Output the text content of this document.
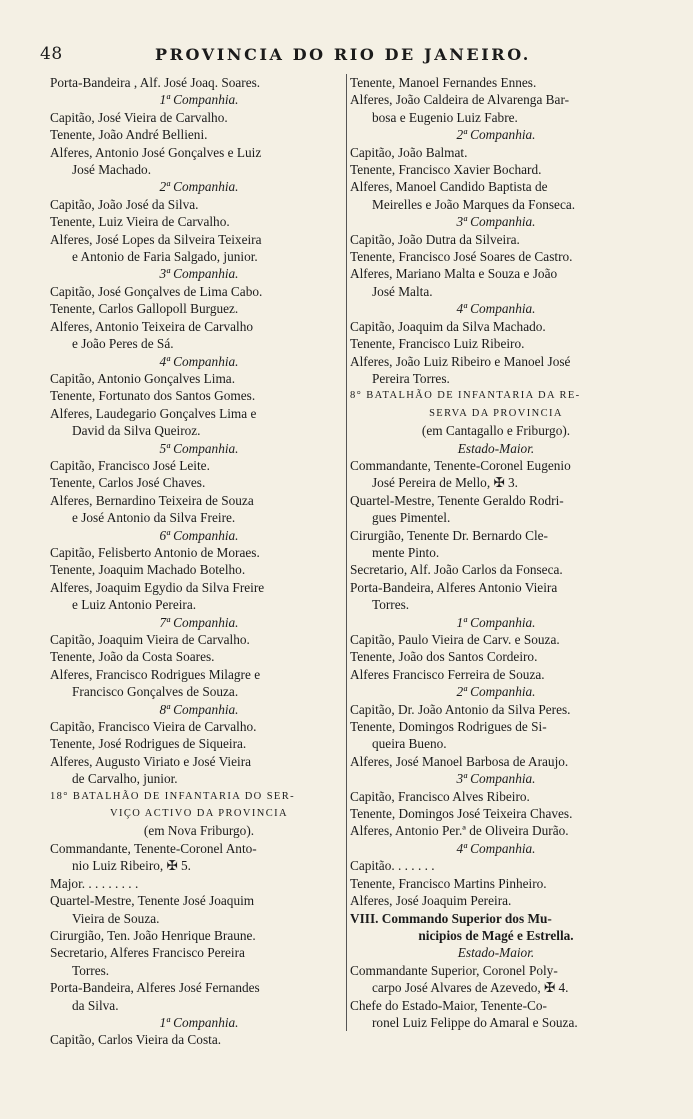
48	PROVINCIA DO RIO DE JANEIRO.
Porta-Bandeira , Alf. José Joaq. Soares.
1ª Companhia.
Capitão, José Vieira de Carvalho.
Tenente, João André Bellieni.
Alferes, Antonio José Gonçalves e Luiz
José Machado.
2ª Companhia.
Capitão, João José da Silva.
Tenente, Luiz Vieira de Carvalho.
Alferes, José Lopes da Silveira Teixeira
e Antonio de Faria Salgado, junior.
3ª Companhia.
Capitão, José Gonçalves de Lima Cabo.
Tenente, Carlos Gallopoll Burguez.
Alferes, Antonio Teixeira de Carvalho
e João Peres de Sá.
4ª Companhia.
Capitão, Antonio Gonçalves Lima.
Tenente, Fortunato dos Santos Gomes.
Alferes, Laudegario Gonçalves Lima e
David da Silva Queiroz.
5ª Companhia.
Capitão, Francisco José Leite.
Tenente, Carlos José Chaves.
Alferes, Bernardino Teixeira de Souza
e José Antonio da Silva Freire.
6ª Companhia.
Capitão, Felisberto Antonio de Moraes.
Tenente, Joaquim Machado Botelho.
Alferes, Joaquim Egydio da Silva Freire
e Luiz Antonio Pereira.
7ª Companhia.
Capitão, Joaquim Vieira de Carvalho.
Tenente, João da Costa Soares.
Alferes, Francisco Rodrigues Milagre e
Francisco Gonçalves de Souza.
8ª Companhia.
Capitão, Francisco Vieira de Carvalho.
Tenente, José Rodrigues de Siqueira.
Alferes, Augusto Viriato e José Vieira
de Carvalho, junior.
18° BATALHÃO DE INFANTARIA DO SER-
VIÇO ACTIVO DA PROVINCIA
(em Nova Friburgo).
Commandante, Tenente-Coronel Anto-
nio Luiz Ribeiro, ✠ 5.
Major. . . . . . . . .
Quartel-Mestre, Tenente José Joaquim
Vieira de Souza.
Cirurgião, Ten. João Henrique Braune.
Secretario, Alferes Francisco Pereira
Torres.
Porta-Bandeira, Alferes José Fernandes
da Silva.
1ª Companhia.
Capitão, Carlos Vieira da Costa.
Tenente, Manoel Fernandes Ennes.
Alferes, João Caldeira de Alvarenga Bar-
bosa e Eugenio Luiz Fabre.
2ª Companhia.
Capitão, João Balmat.
Tenente, Francisco Xavier Bochard.
Alferes, Manoel Candido Baptista de
Meirelles e João Marques da Fonseca.
3ª Companhia.
Capitão, João Dutra da Silveira.
Tenente, Francisco José Soares de Castro.
Alferes, Mariano Malta e Souza e João
José Malta.
4ª Companhia.
Capitão, Joaquim da Silva Machado.
Tenente, Francisco Luiz Ribeiro.
Alferes, João Luiz Ribeiro e Manoel José
Pereira Torres.
8° BATALHÃO DE INFANTARIA DA RE-
SERVA DA PROVINCIA
(em Cantagallo e Friburgo).
Estado-Maior.
Commandante, Tenente-Coronel Eugenio
José Pereira de Mello, ✠ 3.
Quartel-Mestre, Tenente Geraldo Rodri-
gues Pimentel.
Cirurgião, Tenente Dr. Bernardo Cle-
mente Pinto.
Secretario, Alf. João Carlos da Fonseca.
Porta-Bandeira, Alferes Antonio Vieira
Torres.
1ª Companhia.
Capitão, Paulo Vieira de Carv. e Souza.
Tenente, João dos Santos Cordeiro.
Alferes Francisco Ferreira de Souza.
2ª Companhia.
Capitão, Dr. João Antonio da Silva Peres.
Tenente, Domingos Rodrigues de Si-
queira Bueno.
Alferes, José Manoel Barbosa de Araujo.
3ª Companhia.
Capitão, Francisco Alves Ribeiro.
Tenente, Domingos José Teixeira Chaves.
Alferes, Antonio Per.ª de Oliveira Durão.
4ª Companhia.
Capitão. . . . . . .
Tenente, Francisco Martins Pinheiro.
Alferes, José Joaquim Pereira.
VIII. Commando Superior dos Mu-
nicipios de Magé e Estrella.
Estado-Maior.
Commandante Superior, Coronel Poly-
carpo José Alvares de Azevedo, ✠ 4.
Chefe do Estado-Maior, Tenente-Co-
ronel Luiz Felippe do Amaral e Souza.
